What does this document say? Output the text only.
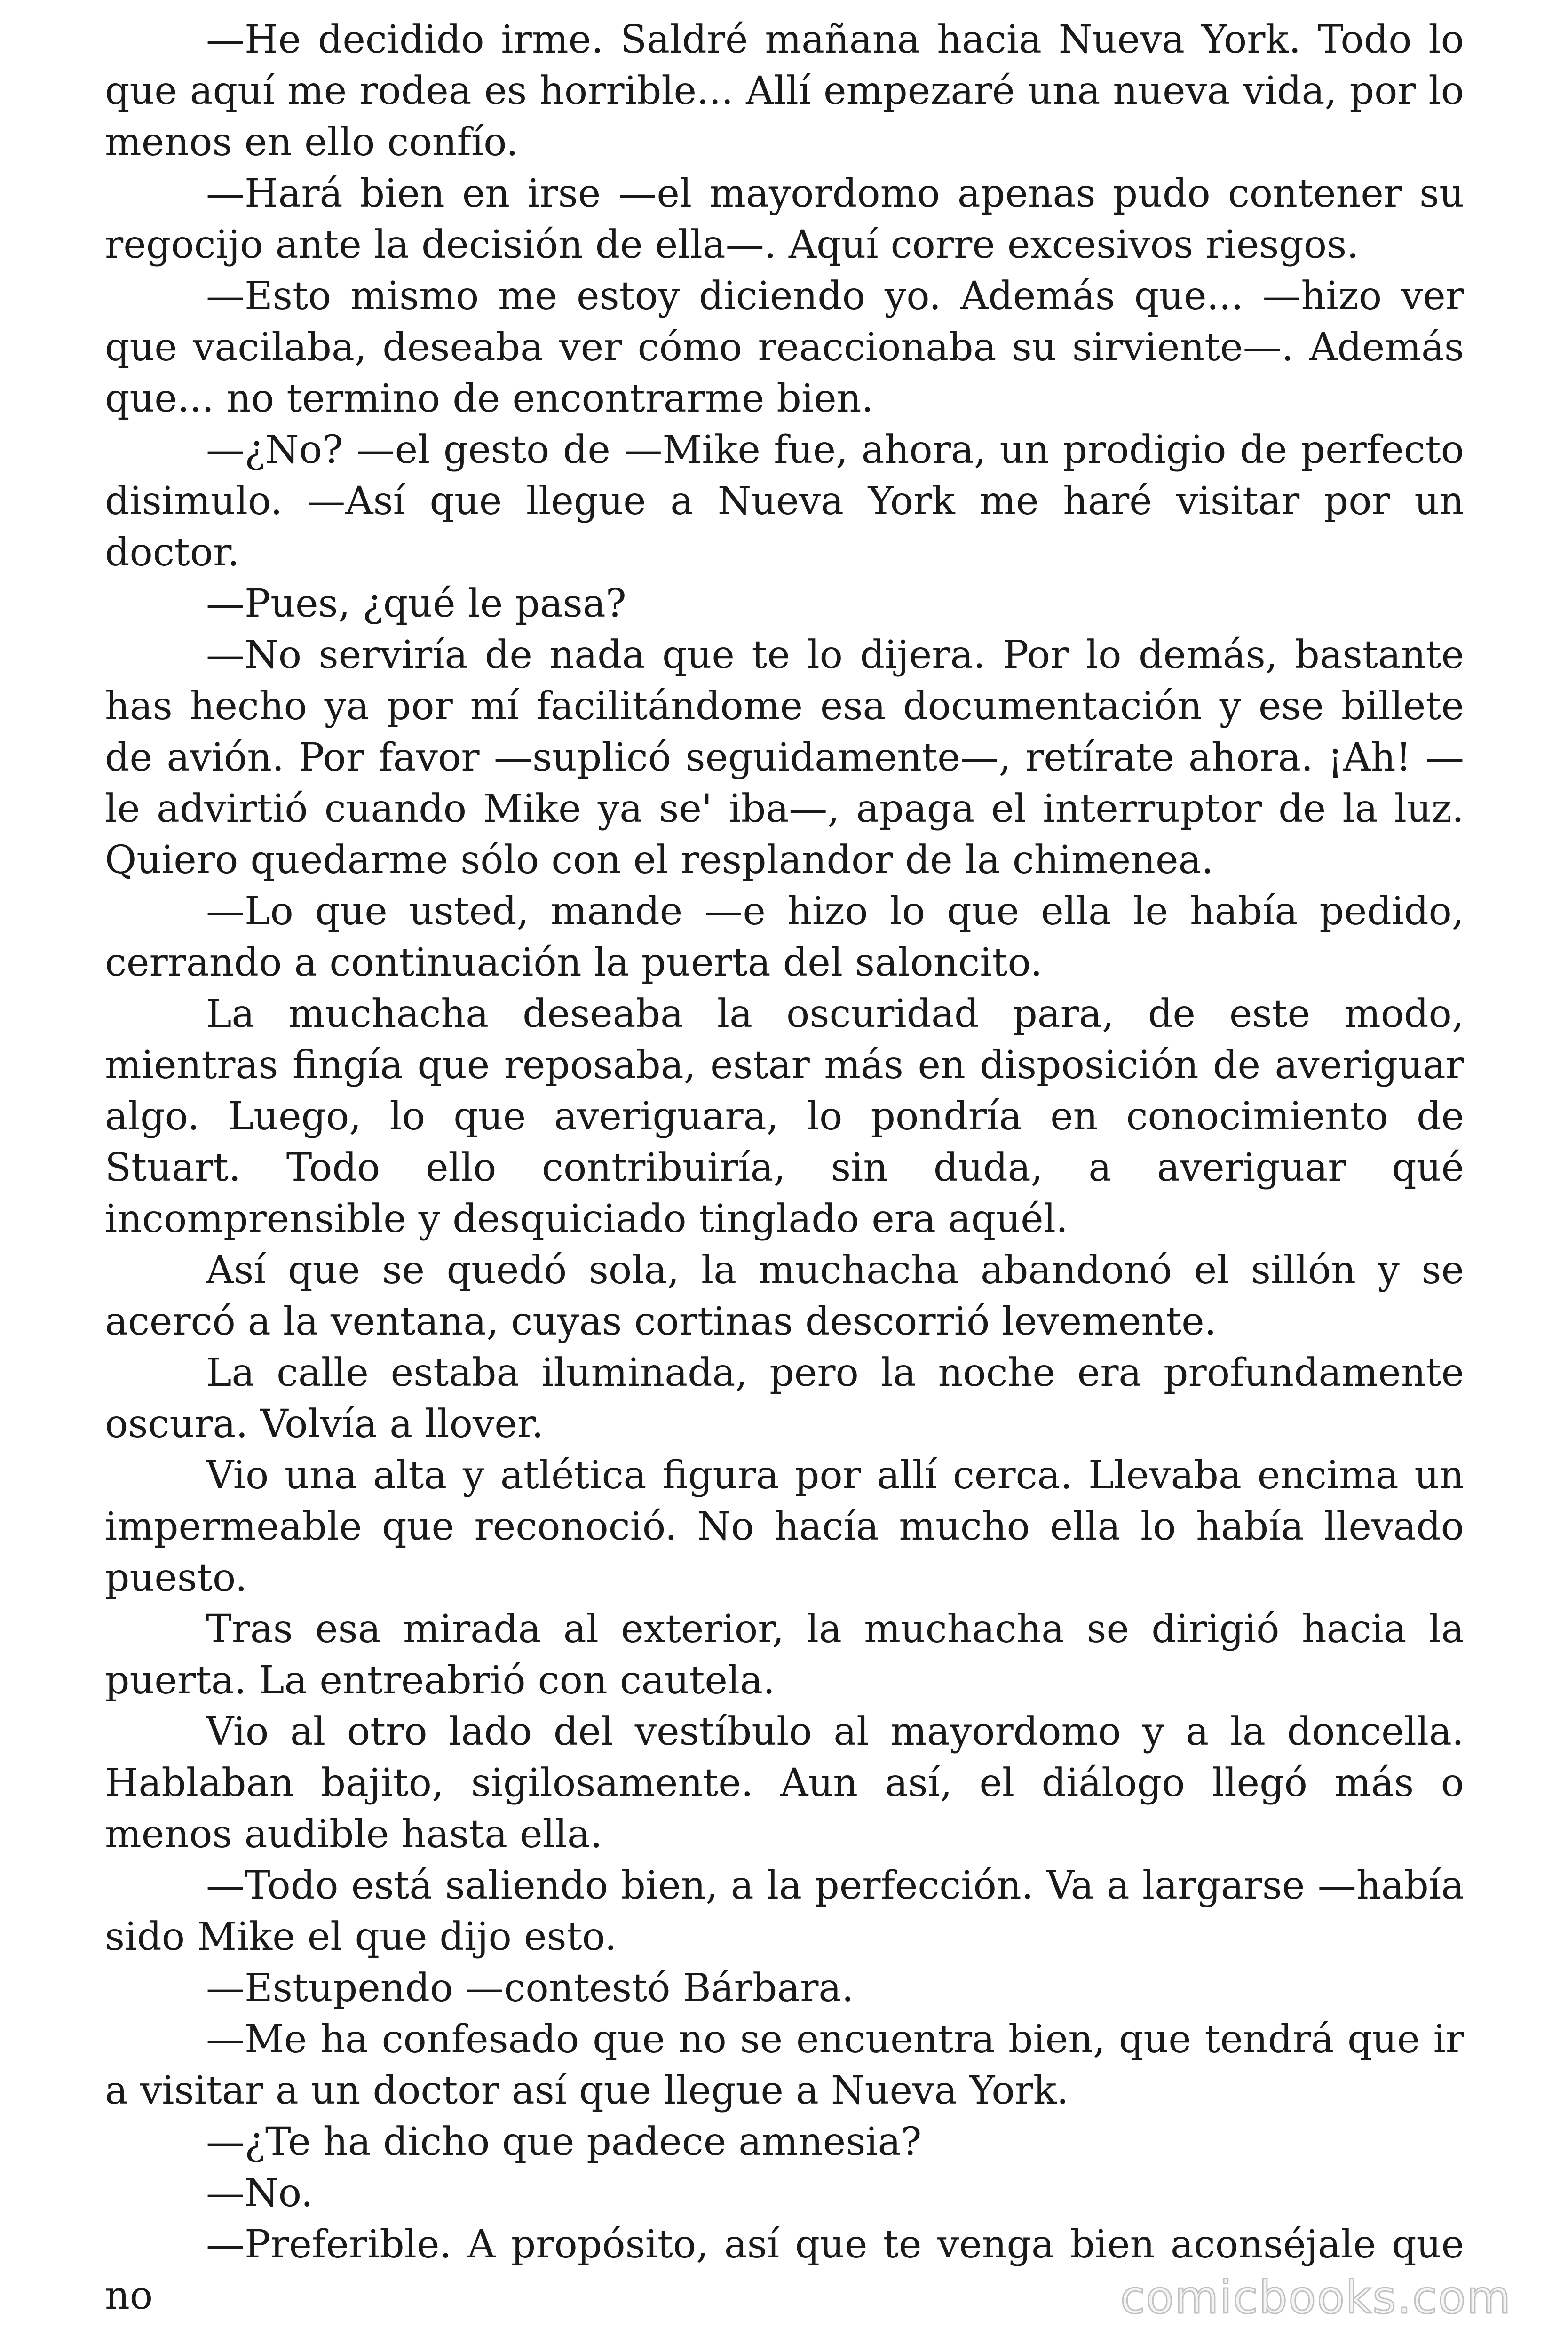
—He decidido irme. Saldré mañana hacia Nueva York. Todo lo que aquí me rodea es horrible... Allí empezaré una nueva vida, por lo menos en ello confío.

—Hará bien en irse —el mayordomo apenas pudo contener su regocijo ante la decisión de ella—. Aquí corre excesivos riesgos.

—Esto mismo me estoy diciendo yo. Además que... —hizo ver que vacilaba, deseaba ver cómo reaccionaba su sirviente—. Además que... no termino de encontrarme bien.

—¿No? —el gesto de —Mike fue, ahora, un prodigio de perfecto disimulo. —Así que llegue a Nueva York me haré visitar por un doctor.

—Pues, ¿qué le pasa?

—No serviría de nada que te lo dijera. Por lo demás, bastante has hecho ya por mí facilitándome esa documentación y ese billete de avión. Por favor —suplicó seguidamente—, retírate ahora. ¡Ah! —le advirtió cuando Mike ya se' iba—, apaga el interruptor de la luz. Quiero quedarme sólo con el resplandor de la chimenea.

—Lo que usted, mande —e hizo lo que ella le había pedido, cerrando a continuación la puerta del saloncito.

La muchacha deseaba la oscuridad para, de este modo, mientras fingía que reposaba, estar más en disposición de averiguar algo. Luego, lo que averiguara, lo pondría en conocimiento de Stuart. Todo ello contribuiría, sin duda, a averiguar qué incomprensible y desquiciado tinglado era aquél.

Así que se quedó sola, la muchacha abandonó el sillón y se acercó a la ventana, cuyas cortinas descorrió levemente.

La calle estaba iluminada, pero la noche era profundamente oscura. Volvía a llover.

Vio una alta y atlética figura por allí cerca. Llevaba encima un impermeable que reconoció. No hacía mucho ella lo había llevado puesto.

Tras esa mirada al exterior, la muchacha se dirigió hacia la puerta. La entreabrió con cautela.

Vio al otro lado del vestíbulo al mayordomo y a la doncella. Hablaban bajito, sigilosamente. Aun así, el diálogo llegó más o menos audible hasta ella.

—Todo está saliendo bien, a la perfección. Va a largarse —había sido Mike el que dijo esto.

—Estupendo —contestó Bárbara.

—Me ha confesado que no se encuentra bien, que tendrá que ir a visitar a un doctor así que llegue a Nueva York.

—¿Te ha dicho que padece amnesia?

—No.

—Preferible. A propósito, así que te venga bien aconséjale que no	comicbooks.com
